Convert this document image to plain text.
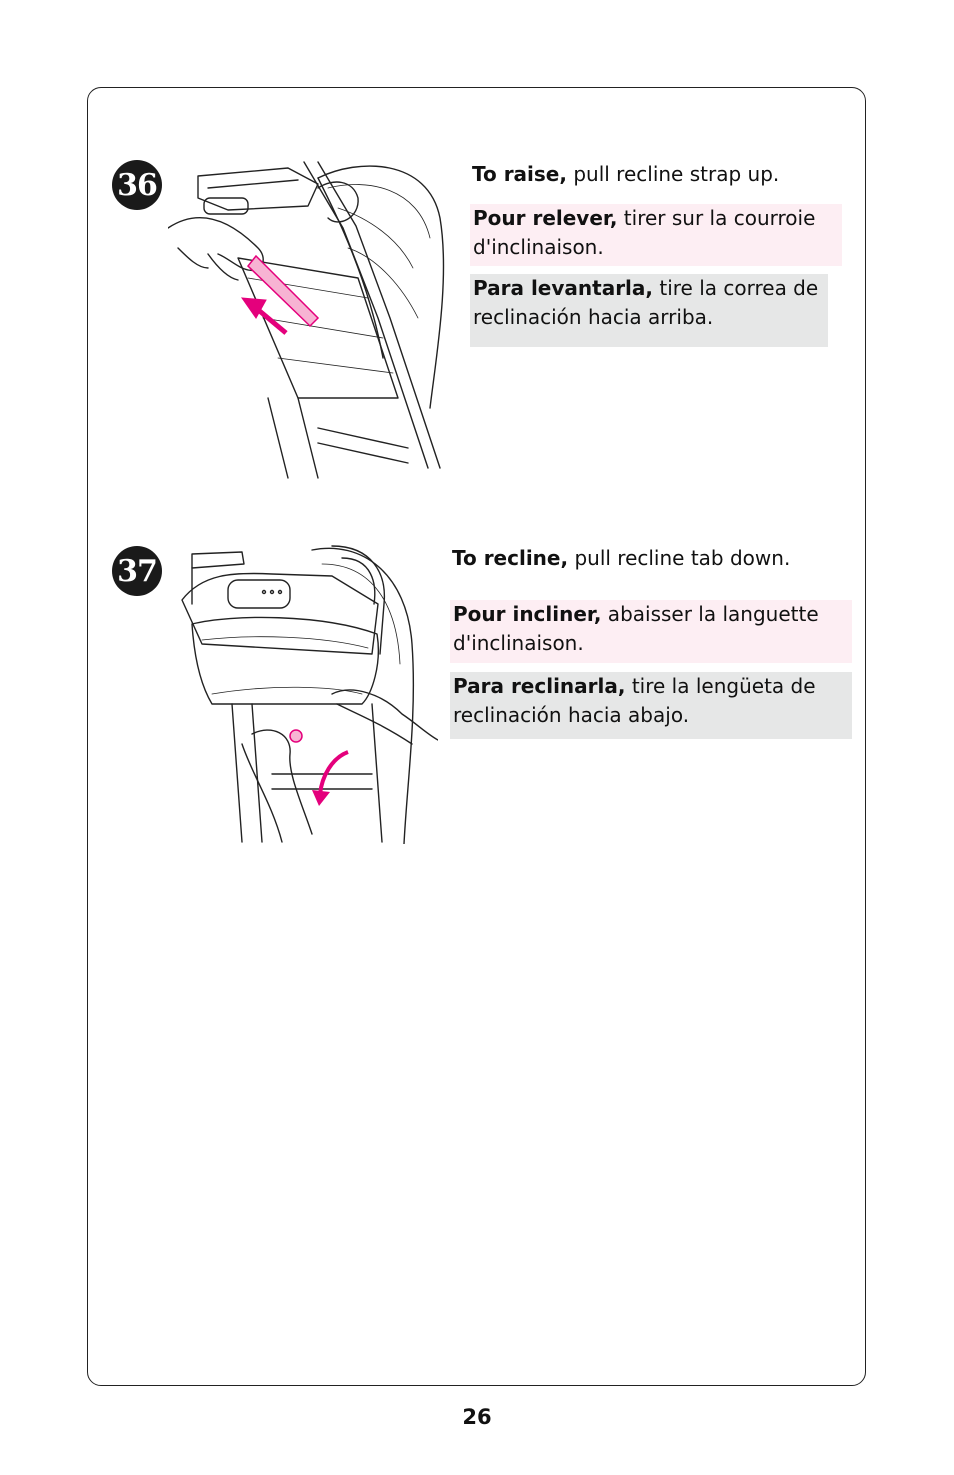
36	To raise, pull recline strap up.
Pour relever, tirer sur la courroie d'inclinaison.
Para levantarla, tire la correa de reclinación hacia arriba.
37	To recline, pull recline tab down.
Pour incliner, abaisser la languette d'inclinaison.
Para reclinarla, tire la lengüeta de reclinación hacia abajo.
26
